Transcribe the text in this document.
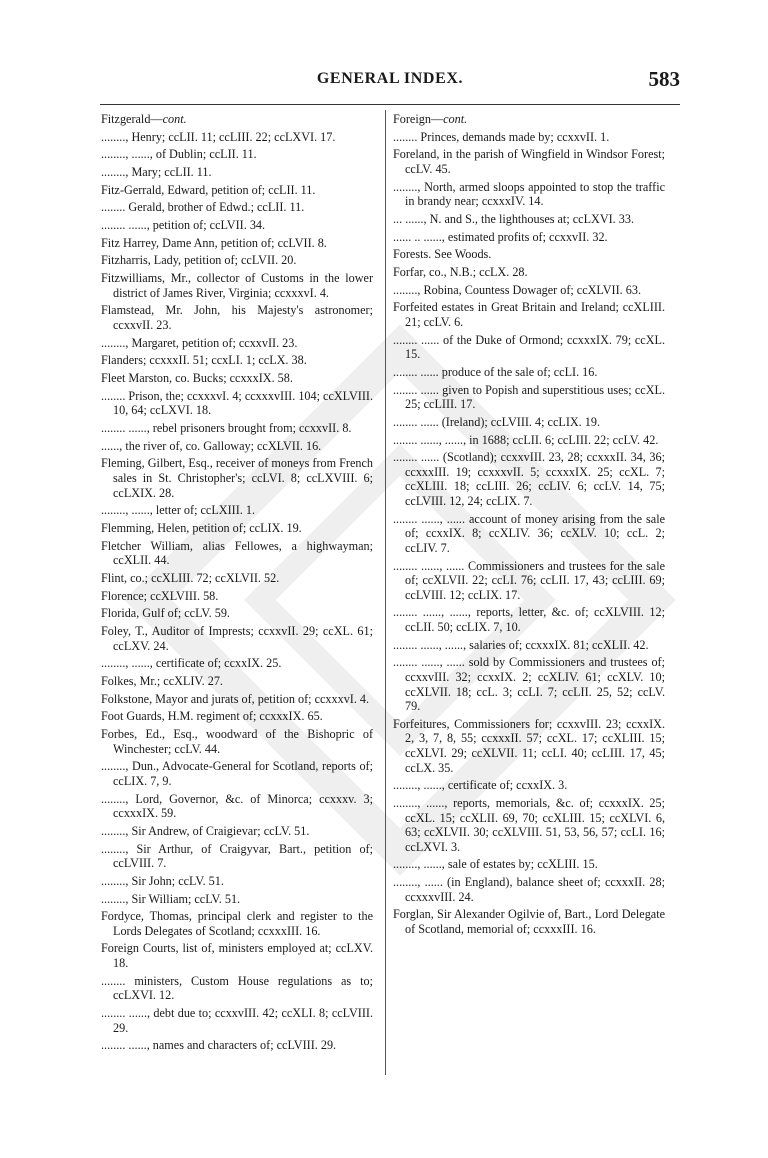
GENERAL INDEX.	583

Fitzgerald—cont.

........, Henry; ccLII. 11; ccLIII. 22; ccLXVI. 17.

........, ......, of Dublin; ccLII. 11.

........, Mary; ccLII. 11.

Fitz-Gerrald, Edward, petition of; ccLII. 11.

........ Gerald, brother of Edwd.; ccLII. 11.

........ ......, petition of; ccLVII. 34.

Fitz Harrey, Dame Ann, petition of; ccLVII. 8.

Fitzharris, Lady, petition of; ccLVII. 20.

Fitzwilliams, Mr., collector of Customs in the lower district of James River, Virginia; ccxxxvI. 4.

Flamstead, Mr. John, his Majesty's astronomer; ccxxvII. 23.

........, Margaret, petition of; ccxxvII. 23.

Flanders; ccxxxII. 51; ccxLI. 1; ccLX. 38.

Fleet Marston, co. Bucks; ccxxxIX. 58.

........ Prison, the; ccxxxvI. 4; ccxxxvIII. 104; ccXLVIII. 10, 64; ccLXVI. 18.

........ ......, rebel prisoners brought from; ccxxvII. 8.

......, the river of, co. Galloway; ccXLVII. 16.

Fleming, Gilbert, Esq., receiver of moneys from French sales in St. Christopher's; ccLVI. 8; ccLXVIII. 6; ccLXIX. 28.

........, ......, letter of; ccLXIII. 1.

Flemming, Helen, petition of; ccLIX. 19.

Fletcher William, alias Fellowes, a highwayman; ccXLII. 44.

Flint, co.; ccXLIII. 72; ccXLVII. 52.

Florence; ccXLVIII. 58.

Florida, Gulf of; ccLV. 59.

Foley, T., Auditor of Imprests; ccxxvII. 29; ccXL. 61; ccLXV. 24.

........, ......, certificate of; ccxxIX. 25.

Folkes, Mr.; ccXLIV. 27.

Folkstone, Mayor and jurats of, petition of; ccxxxvI. 4.

Foot Guards, H.M. regiment of; ccxxxIX. 65.

Forbes, Ed., Esq., woodward of the Bishopric of Winchester; ccLV. 44.

........, Dun., Advocate-General for Scotland, reports of; ccLIX. 7, 9.

........, Lord, Governor, &c. of Minorca; ccxxxv. 3; ccxxxIX. 59.

........, Sir Andrew, of Craigievar; ccLV. 51.

........, Sir Arthur, of Craigyvar, Bart., petition of; ccLVIII. 7.

........, Sir John; ccLV. 51.

........, Sir William; ccLV. 51.

Fordyce, Thomas, principal clerk and register to the Lords Delegates of Scotland; ccxxxIII. 16.

Foreign Courts, list of, ministers employed at; ccLXV. 18.

........ ministers, Custom House regulations as to; ccLXVI. 12.

........ ......, debt due to; ccxxvIII. 42; ccXLI. 8; ccLVIII. 29.

........ ......, names and characters of; ccLVIII. 29.

Foreign—cont.

........ Princes, demands made by; ccxxvII. 1.

Foreland, in the parish of Wingfield in Windsor Forest; ccLV. 45.

........, North, armed sloops appointed to stop the traffic in brandy near; ccxxxIV. 14.

... ......, N. and S., the lighthouses at; ccLXVI. 33.

...... .. ......, estimated profits of; ccxxvII. 32.

Forests. See Woods.

Forfar, co., N.B.; ccLX. 28.

........, Robina, Countess Dowager of; ccXLVII. 63.

Forfeited estates in Great Britain and Ireland; ccXLIII. 21; ccLV. 6.

........ ...... of the Duke of Ormond; ccxxxIX. 79; ccXL. 15.

........ ...... produce of the sale of; ccLI. 16.

........ ...... given to Popish and superstitious uses; ccXL. 25; ccLIII. 17.

........ ...... (Ireland); ccLVIII. 4; ccLIX. 19.

........ ......, ......, in 1688; ccLII. 6; ccLIII. 22; ccLV. 42.

........ ...... (Scotland); ccxxvIII. 23, 28; ccxxxII. 34, 36; ccxxxIII. 19; ccxxxvII. 5; ccxxxIX. 25; ccXL. 7; ccXLIII. 18; ccLIII. 26; ccLIV. 6; ccLV. 14, 75; ccLVIII. 12, 24; ccLIX. 7.

........ ......, ...... account of money arising from the sale of; ccxxIX. 8; ccXLIV. 36; ccXLV. 10; ccL. 2; ccLIV. 7.

........ ......, ...... Commissioners and trustees for the sale of; ccXLVII. 22; ccLI. 76; ccLII. 17, 43; ccLIII. 69; ccLVIII. 12; ccLIX. 17.

........ ......, ......, reports, letter, &c. of; ccXLVIII. 12; ccLII. 50; ccLIX. 7, 10.

........ ......, ......, salaries of; ccxxxIX. 81; ccXLII. 42.

........ ......, ...... sold by Commissioners and trustees of; ccxxvIII. 32; ccxxIX. 2; ccXLIV. 61; ccXLV. 10; ccXLVII. 18; ccL. 3; ccLI. 7; ccLII. 25, 52; ccLV. 79.

Forfeitures, Commissioners for; ccxxvIII. 23; ccxxIX. 2, 3, 7, 8, 55; ccxxxII. 57; ccXL. 17; ccXLIII. 15; ccXLVI. 29; ccXLVII. 11; ccLI. 40; ccLIII. 17, 45; ccLX. 35.

........, ......, certificate of; ccxxIX. 3.

........, ......, reports, memorials, &c. of; ccxxxIX. 25; ccXL. 15; ccXLII. 69, 70; ccXLIII. 15; ccXLVI. 6, 63; ccXLVII. 30; ccXLVIII. 51, 53, 56, 57; ccLI. 16; ccLXVI. 3.

........, ......, sale of estates by; ccXLIII. 15.

........, ...... (in England), balance sheet of; ccxxxII. 28; ccxxxvIII. 24.

Forglan, Sir Alexander Ogilvie of, Bart., Lord Delegate of Scotland, memorial of; ccxxxIII. 16.
